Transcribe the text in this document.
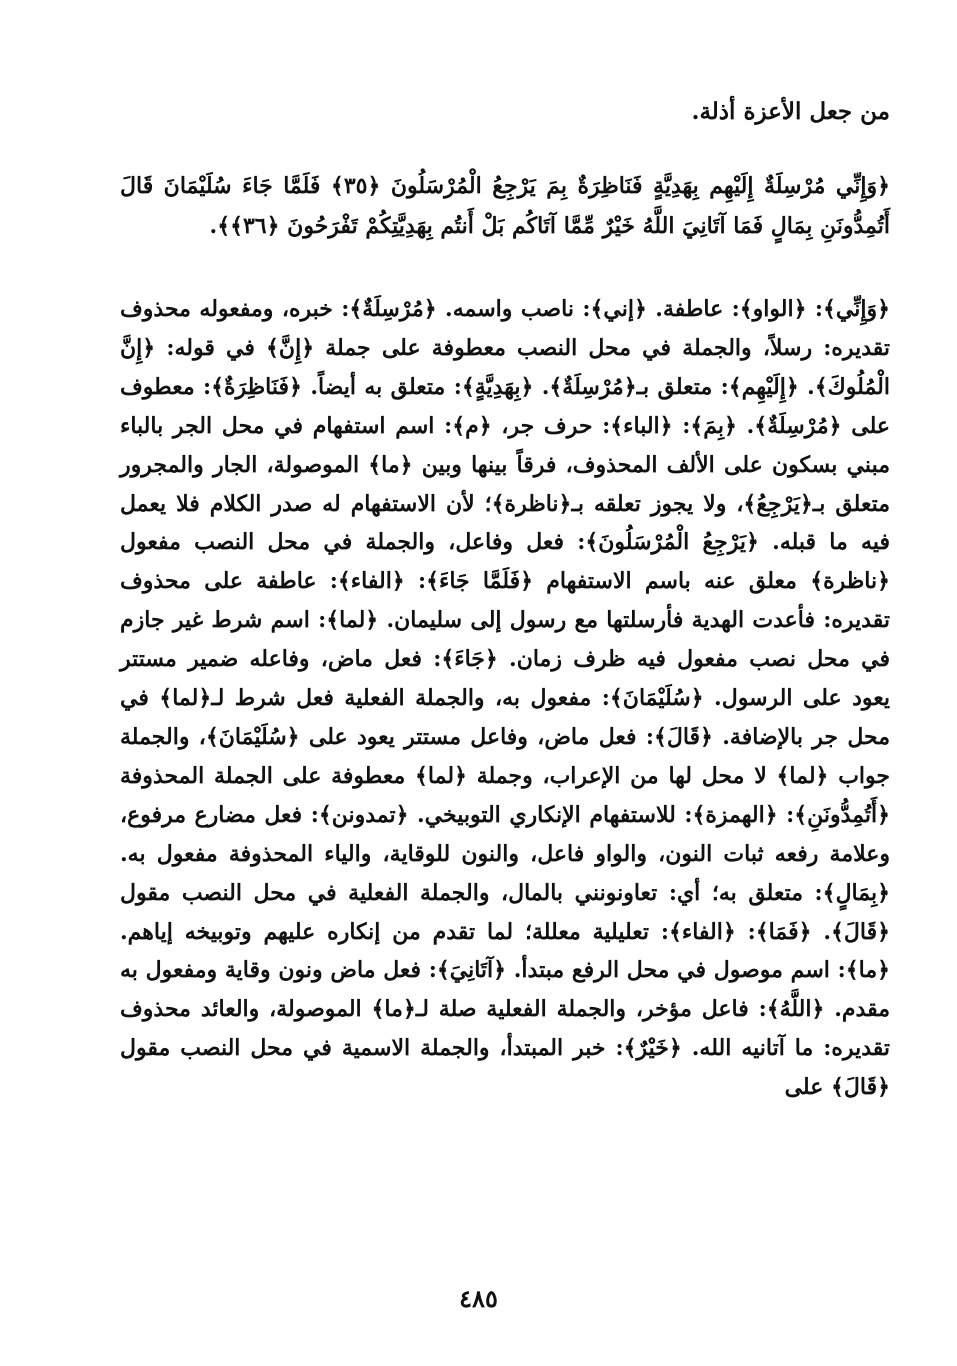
من جعل الأعزة أذلة.

﴿وَإِنِّي مُرْسِلَةٌ إِلَيْهِم بِهَدِيَّةٍ فَنَاظِرَةٌ بِمَ يَرْجِعُ الْمُرْسَلُونَ ﴿٣٥﴾ فَلَمَّا جَاءَ سُلَيْمَانَ قَالَ أَتُمِدُّونَنِ بِمَالٍ فَمَا آتَانِيَ اللَّهُ خَيْرٌ مِّمَّا آتَاكُم بَلْ أَنتُم بِهَدِيَّتِكُمْ تَفْرَحُونَ ﴿٣٦﴾﴾.

﴿وَإِنِّي﴾: ﴿الواو﴾: عاطفة. ﴿إني﴾: ناصب واسمه. ﴿مُرْسِلَةٌ﴾: خبره، ومفعوله محذوف تقديره: رسلاً، والجملة في محل النصب معطوفة على جملة ﴿إِنَّ﴾ في قوله: ﴿إِنَّ الْمُلُوكَ﴾. ﴿إِلَيْهِم﴾: متعلق بـ﴿مُرْسِلَةٌ﴾. ﴿بِهَدِيَّةٍ﴾: متعلق به أيضاً. ﴿فَنَاظِرَةٌ﴾: معطوف على ﴿مُرْسِلَةٌ﴾. ﴿بِمَ﴾: ﴿الباء﴾: حرف جر، ﴿م﴾: اسم استفهام في محل الجر بالباء مبني بسكون على الألف المحذوف، فرقاً بينها وبين ﴿ما﴾ الموصولة، الجار والمجرور متعلق بـ﴿يَرْجِعُ﴾، ولا يجوز تعلقه بـ﴿ناظرة﴾؛ لأن الاستفهام له صدر الكلام فلا يعمل فيه ما قبله. ﴿يَرْجِعُ الْمُرْسَلُونَ﴾: فعل وفاعل، والجملة في محل النصب مفعول ﴿ناظرة﴾ معلق عنه باسم الاستفهام ﴿فَلَمَّا جَاءَ﴾: ﴿الفاء﴾: عاطفة على محذوف تقديره: فأعدت الهدية فأرسلتها مع رسول إلى سليمان. ﴿لما﴾: اسم شرط غير جازم في محل نصب مفعول فيه ظرف زمان. ﴿جَاءَ﴾: فعل ماض، وفاعله ضمير مستتر يعود على الرسول. ﴿سُلَيْمَانَ﴾: مفعول به، والجملة الفعلية فعل شرط لـ﴿لما﴾ في محل جر بالإضافة. ﴿قَالَ﴾: فعل ماض، وفاعل مستتر يعود على ﴿سُلَيْمَانَ﴾، والجملة جواب ﴿لما﴾ لا محل لها من الإعراب، وجملة ﴿لما﴾ معطوفة على الجملة المحذوفة ﴿أَتُمِدُّونَنِ﴾: ﴿الهمزة﴾: للاستفهام الإنكاري التوبيخي. ﴿تمدونن﴾: فعل مضارع مرفوع، وعلامة رفعه ثبات النون، والواو فاعل، والنون للوقاية، والياء المحذوفة مفعول به. ﴿بِمَالٍ﴾: متعلق به؛ أي: تعاونونني بالمال، والجملة الفعلية في محل النصب مقول ﴿قَالَ﴾. ﴿فَمَا﴾: ﴿الفاء﴾: تعليلية معللة؛ لما تقدم من إنكاره عليهم وتوبيخه إياهم. ﴿ما﴾: اسم موصول في محل الرفع مبتدأ. ﴿آتَانِيَ﴾: فعل ماض ونون وقاية ومفعول به مقدم. ﴿اللَّهُ﴾: فاعل مؤخر، والجملة الفعلية صلة لـ﴿ما﴾ الموصولة، والعائد محذوف تقديره: ما آتانيه الله. ﴿خَيْرٌ﴾: خبر المبتدأ، والجملة الاسمية في محل النصب مقول ﴿قَالَ﴾ على

٤٨٥
